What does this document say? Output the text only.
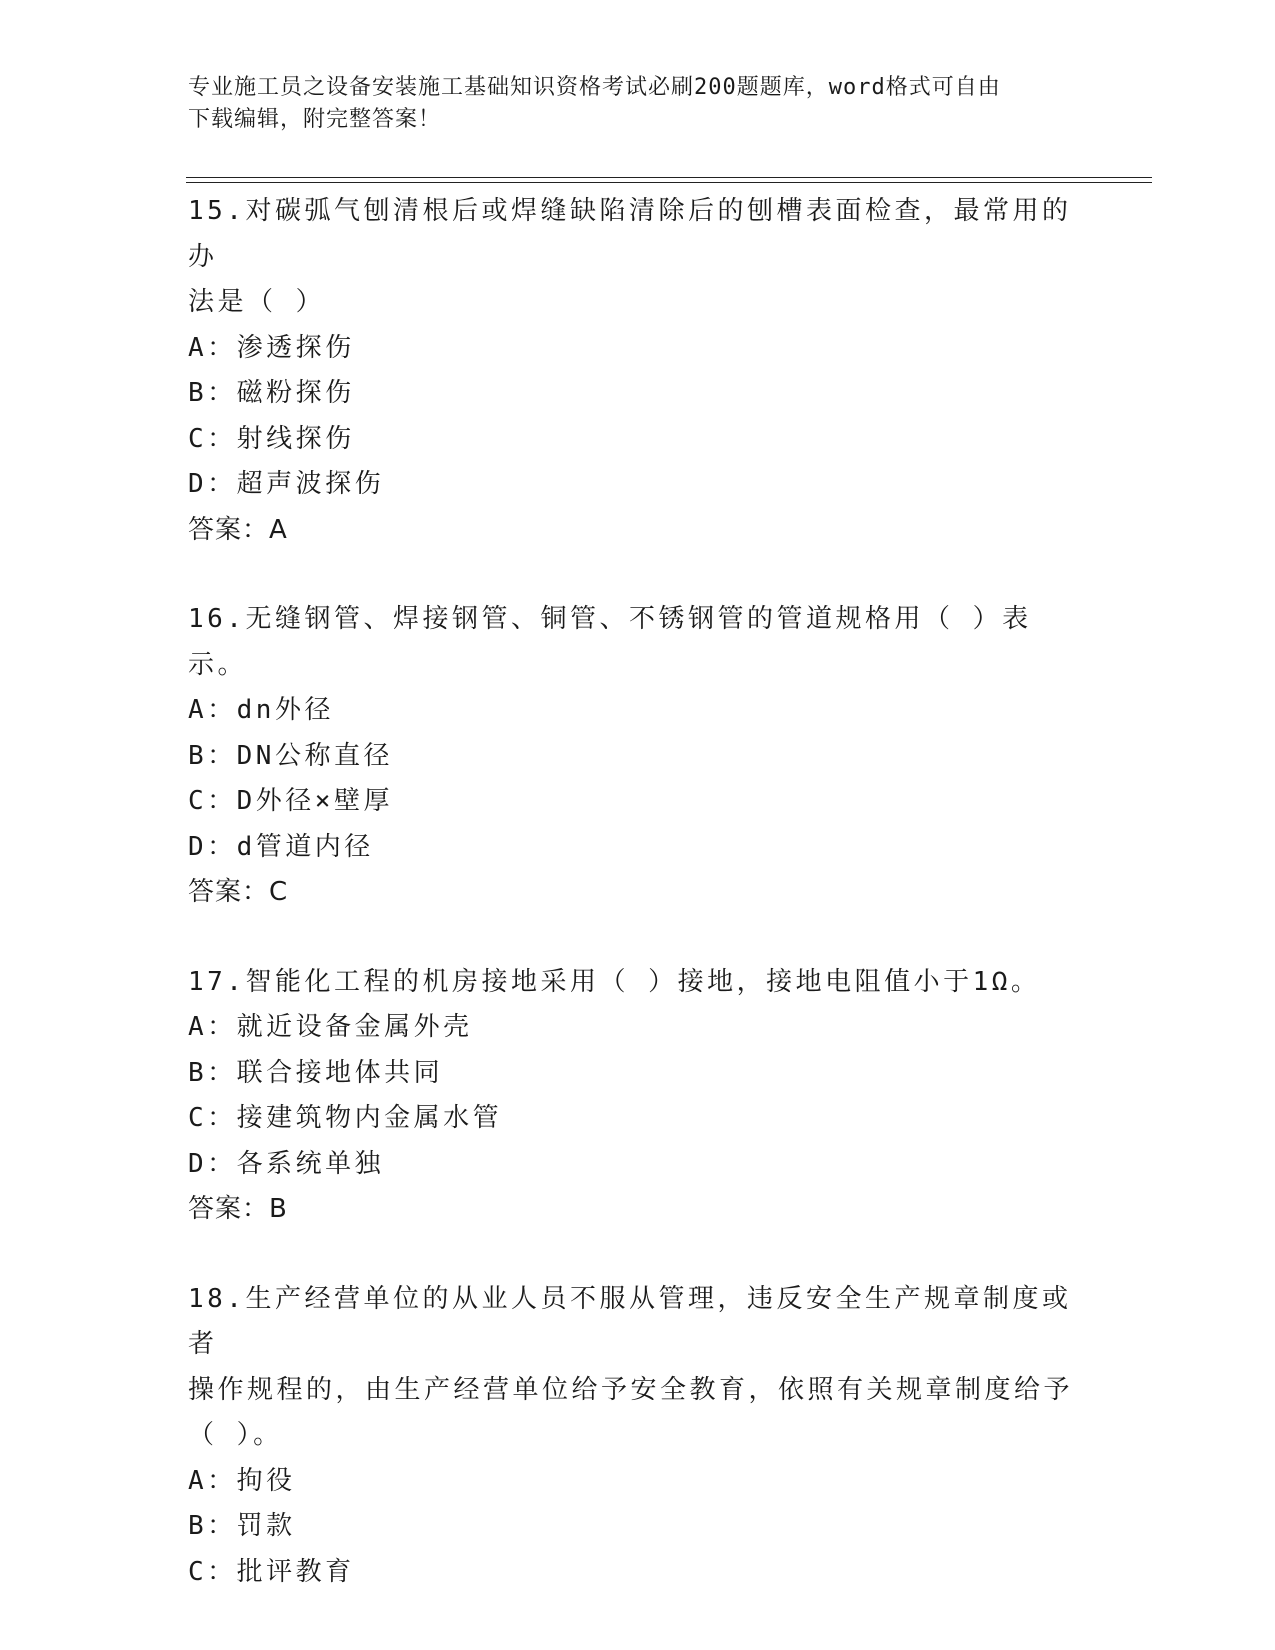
专业施工员之设备安装施工基础知识资格考试必刷200题题库，word格式可自由
下载编辑，附完整答案！
15.对碳弧气刨清根后或焊缝缺陷清除后的刨槽表面检查，最常用的办
法是（ ）
A：渗透探伤
B：磁粉探伤
C：射线探伤
D：超声波探伤
答案：A
16.无缝钢管、焊接钢管、铜管、不锈钢管的管道规格用（ ）表示。
A：dn外径
B：DN公称直径
C：D外径×壁厚
D：d管道内径
答案：C
17.智能化工程的机房接地采用（ ）接地，接地电阻值小于1Ω。
A：就近设备金属外壳
B：联合接地体共同
C：接建筑物内金属水管
D：各系统单独
答案：B
18.生产经营单位的从业人员不服从管理，违反安全生产规章制度或者
操作规程的，由生产经营单位给予安全教育，依照有关规章制度给予
（ ）。
A：拘役
B：罚款
C：批评教育
